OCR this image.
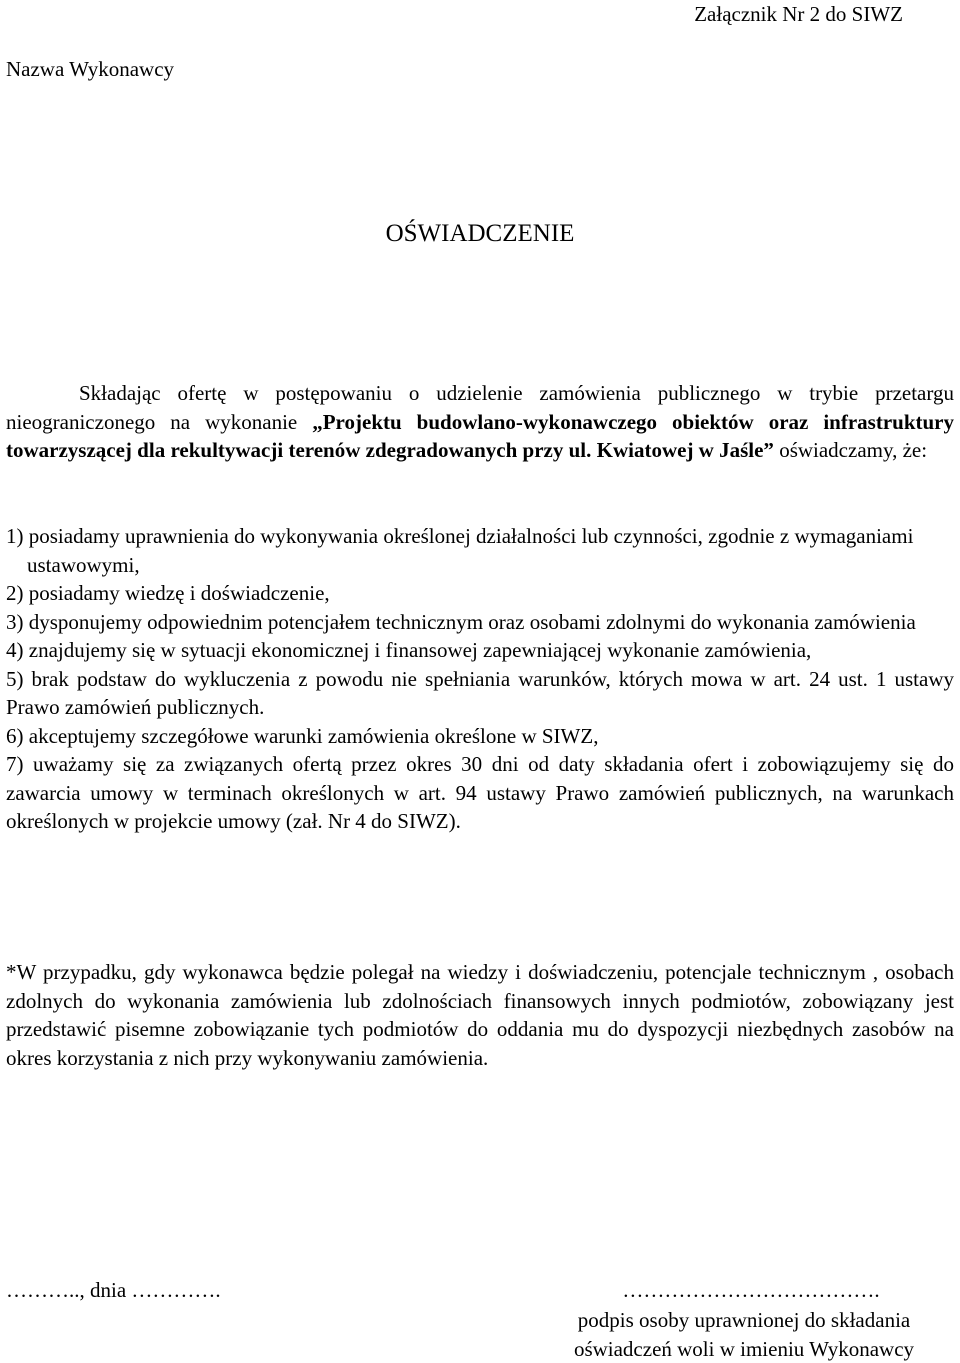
Załącznik Nr 2 do SIWZ
Nazwa Wykonawcy
OŚWIADCZENIE
Składając ofertę w postępowaniu o udzielenie zamówienia publicznego w trybie przetargu nieograniczonego na wykonanie „Projektu budowlano-wykonawczego obiektów oraz infrastruktury towarzyszącej dla rekultywacji terenów zdegradowanych przy ul. Kwiatowej w Jaśle” oświadczamy, że:

1) posiadamy uprawnienia do wykonywania określonej działalności lub czynności, zgodnie z wymaganiami ustawowymi,

2) posiadamy wiedzę i doświadczenie,

3) dysponujemy odpowiednim potencjałem technicznym oraz osobami zdolnymi do wykonania zamówienia

4) znajdujemy się w sytuacji ekonomicznej i finansowej zapewniającej wykonanie zamówienia,

5) brak podstaw do wykluczenia z powodu nie spełniania warunków, których mowa w art. 24 ust. 1 ustawy Prawo zamówień publicznych.

6) akceptujemy szczegółowe warunki zamówienia określone w SIWZ,

7) uważamy się za związanych ofertą przez okres 30 dni od daty składania ofert i zobowiązujemy się do zawarcia umowy w terminach określonych w art. 94 ustawy Prawo zamówień publicznych, na warunkach określonych w projekcie umowy (zał. Nr 4 do SIWZ).

*W przypadku, gdy wykonawca będzie polegał na wiedzy i doświadczeniu, potencjale technicznym , osobach zdolnych do wykonania zamówienia lub zdolnościach finansowych innych podmiotów, zobowiązany jest przedstawić pisemne zobowiązanie tych podmiotów do oddania mu do dyspozycji niezbędnych zasobów na okres korzystania z nich przy wykonywaniu zamówienia.
……….., dnia ………….	……………………………….
podpis osoby uprawnionej do składania oświadczeń woli w imieniu Wykonawcy
